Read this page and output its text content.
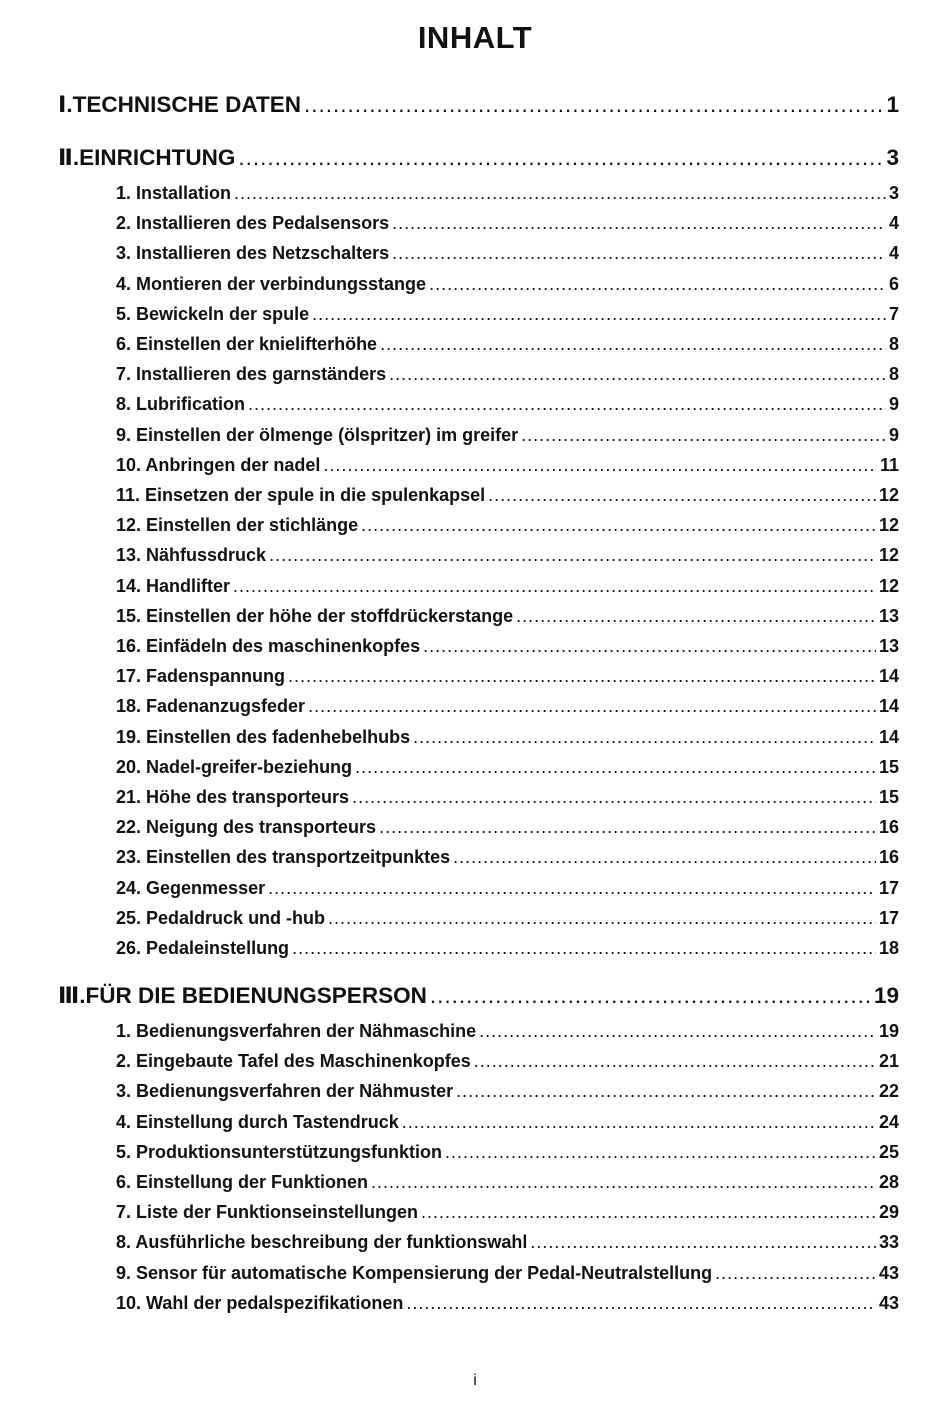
INHALT
Ⅰ. TECHNISCHE DATEN .....	1
Ⅱ. EINRICHTUNG .....	3
1. Installation .....	3
2. Installieren des Pedalsensors .....	4
3. Installieren des Netzschalters .....	4
4. Montieren der verbindungsstange .....	6
5. Bewickeln der spule .....	7
6. Einstellen der knielifterhöhe .....	8
7. Installieren des garnständers .....	8
8. Lubrification .....	9
9. Einstellen der ölmenge (ölspritzer) im greifer .....	9
10. Anbringen der nadel .....	11
11. Einsetzen der spule in die spulenkapsel .....	12
12. Einstellen der stichlänge .....	12
13. Nähfussdruck .....	12
14. Handlifter .....	12
15. Einstellen der höhe der stoffdrückerstange .....	13
16. Einfädeln des maschinenkopfes .....	13
17. Fadenspannung .....	14
18. Fadenanzugsfeder .....	14
19. Einstellen des fadenhebelhubs .....	14
20. Nadel-greifer-beziehung .....	15
21. Höhe des transporteurs .....	15
22. Neigung des transporteurs .....	16
23. Einstellen des transportzeitpunktes .....	16
24. Gegenmesser .....	17
25. Pedaldruck und -hub .....	17
26. Pedaleinstellung .....	18
Ⅲ. FÜR DIE BEDIENUNGSPERSON .....	19
1. Bedienungsverfahren der Nähmaschine .....	19
2. Eingebaute Tafel des Maschinenkopfes .....	21
3. Bedienungsverfahren der Nähmuster .....	22
4. Einstellung durch Tastendruck .....	24
5. Produktionsunterstützungsfunktion .....	25
6. Einstellung der Funktionen .....	28
7. Liste der Funktionseinstellungen .....	29
8. Ausführliche beschreibung der funktionswahl .....	33
9. Sensor für automatische Kompensierung der Pedal-Neutralstellung .....	43
10. Wahl der pedalspezifikationen .....	43
i
